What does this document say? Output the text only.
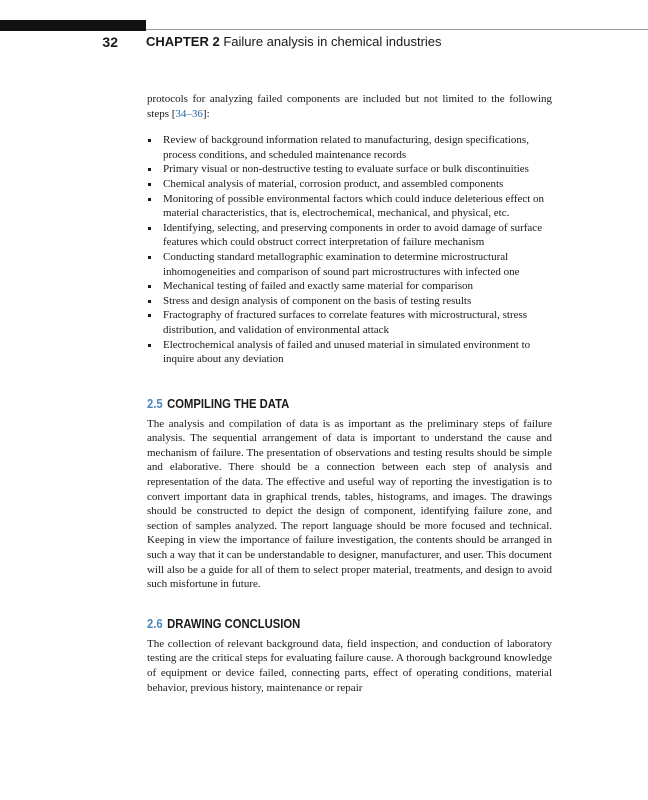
32 CHAPTER 2 Failure analysis in chemical industries

protocols for analyzing failed components are included but not limited to the following steps [34–36]:

Review of background information related to manufacturing, design specifications, process conditions, and scheduled maintenance records
Primary visual or non-destructive testing to evaluate surface or bulk discontinuities
Chemical analysis of material, corrosion product, and assembled components
Monitoring of possible environmental factors which could induce deleterious effect on material characteristics, that is, electrochemical, mechanical, and physical, etc.
Identifying, selecting, and preserving components in order to avoid damage of surface features which could obstruct correct interpretation of failure mechanism
Conducting standard metallographic examination to determine microstructural inhomogeneities and comparison of sound part microstructures with infected one
Mechanical testing of failed and exactly same material for comparison
Stress and design analysis of component on the basis of testing results
Fractography of fractured surfaces to correlate features with microstructural, stress distribution, and validation of environmental attack
Electrochemical analysis of failed and unused material in simulated environment to inquire about any deviation
2.5 COMPILING THE DATA

The analysis and compilation of data is as important as the preliminary steps of failure analysis. The sequential arrangement of data is important to understand the cause and mechanism of failure. The presentation of observations and testing results should be simple and elaborative. There should be a connection between each step of analysis and representation of the data. The effective and useful way of reporting the investigation is to convert important data in graphical trends, tables, histograms, and images. The drawings should be constructed to depict the design of component, identifying failure zone, and section of samples analyzed. The report language should be more focused and technical. Keeping in view the importance of failure investigation, the contents should be arranged in such a way that it can be understandable to designer, manufacturer, and user. This document will also be a guide for all of them to select proper material, treatments, and design to avoid such misfortune in future.

2.6 DRAWING CONCLUSION

The collection of relevant background data, field inspection, and conduction of laboratory testing are the critical steps for evaluating failure cause. A thorough background knowledge of equipment or device failed, connecting parts, effect of operating conditions, material behavior, previous history, maintenance or repair
